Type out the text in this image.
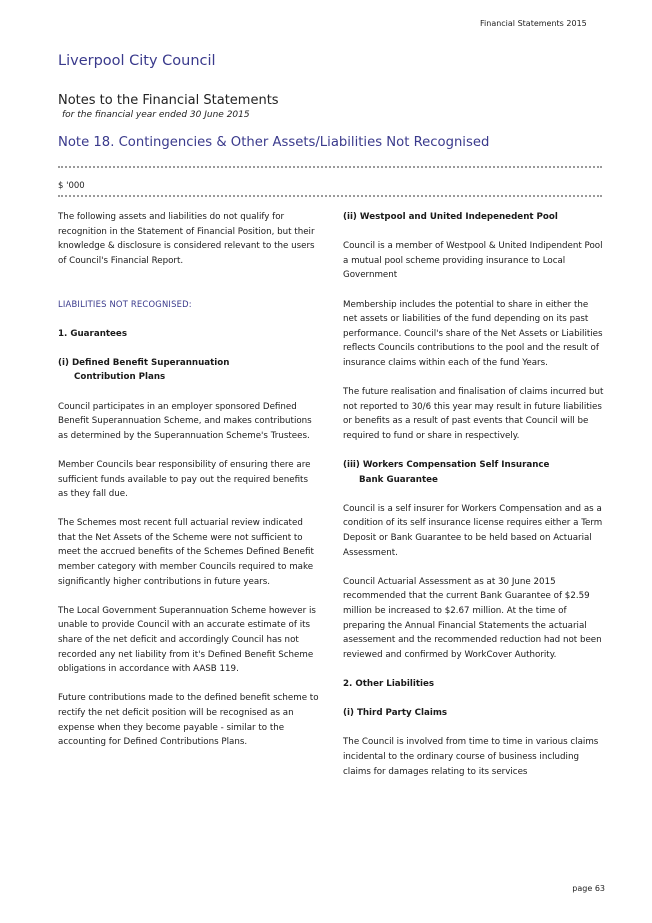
Financial Statements 2015
Liverpool City Council
Notes to the Financial Statements
for the financial year ended 30 June 2015
Note 18. Contingencies & Other Assets/Liabilities Not Recognised
$ '000

The following assets and liabilities do not qualify for recognition in the Statement of Financial Position, but their knowledge & disclosure is considered relevant to the users of Council's Financial Report.

LIABILITIES NOT RECOGNISED:

1. Guarantees

(i) Defined Benefit Superannuation

Contribution Plans

Council participates in an employer sponsored Defined Benefit Superannuation Scheme, and makes contributions as determined by the Superannuation Scheme's Trustees.

Member Councils bear responsibility of ensuring there are sufficient funds available to pay out the required benefits as they fall due.

The Schemes most recent full actuarial review indicated that the Net Assets of the Scheme were not sufficient to meet the accrued benefits of the Schemes Defined Benefit member category with member Councils required to make significantly higher contributions in future years.

The Local Government Superannuation Scheme however is unable to provide Council with an accurate estimate of its share of the net deficit and accordingly Council has not recorded any net liability from it's Defined Benefit Scheme obligations in accordance with AASB 119.

Future contributions made to the defined benefit scheme to rectify the net deficit position will be recognised as an expense when they become payable - similar to the accounting for Defined Contributions Plans.

(ii) Westpool and United Indepenedent Pool

Council is a member of Westpool & United Indipendent Pool a mutual pool scheme providing insurance to Local Government

Membership includes the potential to share in either the net assets or liabilities of the fund depending on its past performance. Council's share of the Net Assets or Liabilities reflects Councils contributions to the pool and the result of insurance claims within each of the fund Years.

The future realisation and finalisation of claims incurred but not reported to 30/6 this year may result in future liabilities or benefits as a result of past events that Council will be required to fund or share in respectively.

(iii) Workers Compensation Self Insurance

Bank Guarantee

Council is a self insurer for Workers Compensation and as a condition of its self insurance license requires either a Term Deposit or Bank Guarantee to be held based on Actuarial Assessment.

Council Actuarial Assessment as at 30 June 2015 recommended that the current Bank Guarantee of $2.59 million be increased to $2.67 million. At the time of preparing the Annual Financial Statements the actuarial asessement and the recommended reduction had not been reviewed and confirmed by WorkCover Authority.

2. Other Liabilities

(i) Third Party Claims

The Council is involved from time to time in various claims incidental to the ordinary course of business including claims for damages relating to its services

page 63
